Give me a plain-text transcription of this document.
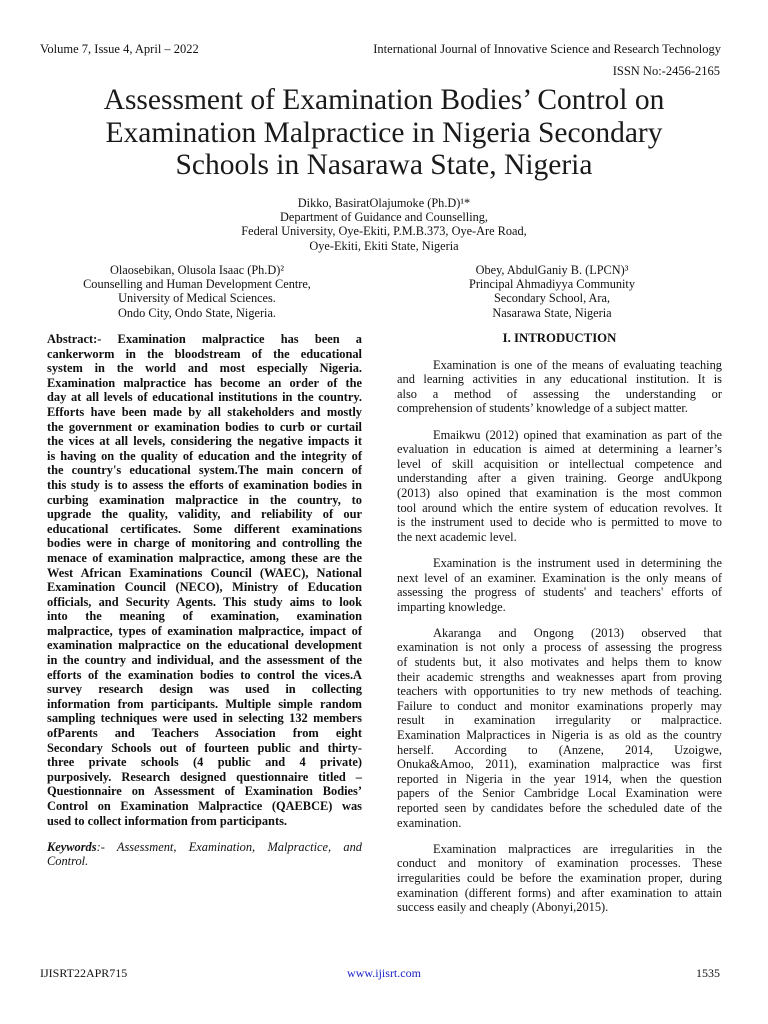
Volume 7, Issue 4, April – 2022	International Journal of Innovative Science and Research Technology
ISSN No:-2456-2165
Assessment of Examination Bodies’ Control on
Examination Malpractice in Nigeria Secondary
Schools in Nasarawa State, Nigeria
Dikko, BasiratOlajumoke (Ph.D)¹*
Department of Guidance and Counselling,
Federal University, Oye-Ekiti, P.M.B.373, Oye-Are Road,
Oye-Ekiti, Ekiti State, Nigeria
Olaosebikan, Olusola Isaac (Ph.D)²
Counselling and Human Development Centre,
University of Medical Sciences.
Ondo City, Ondo State, Nigeria.
Obey, AbdulGaniy B. (LPCN)³
Principal Ahmadiyya Community
Secondary School, Ara,
Nasarawa State, Nigeria
Abstract:- Examination malpractice has been a
cankerworm in the bloodstream of the educational
system in the world and most especially Nigeria.
Examination malpractice has become an order of the
day at all levels of educational institutions in the country.
Efforts have been made by all stakeholders and mostly
the government or examination bodies to curb or curtail
the vices at all levels, considering the negative impacts it
is having on the quality of education and the integrity of
the country's educational system.The main concern of
this study is to assess the efforts of examination bodies in
curbing examination malpractice in the country, to
upgrade the quality, validity, and reliability of our
educational certificates. Some different examinations
bodies were in charge of monitoring and controlling the
menace of examination malpractice, among these are the
West African Examinations Council (WAEC), National
Examination Council (NECO), Ministry of Education
officials, and Security Agents. This study aims to look
into the meaning of examination, examination
malpractice, types of examination malpractice, impact of
examination malpractice on the educational development
in the country and individual, and the assessment of the
efforts of the examination bodies to control the vices.A
survey research design was used in collecting
information from participants. Multiple simple random
sampling techniques were used in selecting 132 members
ofParents and Teachers Association from eight
Secondary Schools out of fourteen public and thirty-
three private schools (4 public and 4 private)
purposively. Research designed questionnaire titled –
Questionnaire on Assessment of Examination Bodies’
Control on Examination Malpractice (QAEBCE) was
used to collect information from participants.
Keywords:- Assessment, Examination, Malpractice, and
Control.
I. INTRODUCTION
Examination is one of the means of evaluating teaching
and learning activities in any educational institution. It is
also a method of assessing the understanding or
comprehension of students’ knowledge of a subject matter.
Emaikwu (2012) opined that examination as part of the
evaluation in education is aimed at determining a learner’s
level of skill acquisition or intellectual competence and
understanding after a given training. George andUkpong
(2013) also opined that examination is the most common
tool around which the entire system of education revolves. It
is the instrument used to decide who is permitted to move to
the next academic level.
Examination is the instrument used in determining the
next level of an examiner. Examination is the only means of
assessing the progress of students' and teachers' efforts of
imparting knowledge.
Akaranga and Ongong (2013) observed that
examination is not only a process of assessing the progress
of students but, it also motivates and helps them to know
their academic strengths and weaknesses apart from proving
teachers with opportunities to try new methods of teaching.
Failure to conduct and monitor examinations properly may
result in examination irregularity or malpractice.
Examination Malpractices in Nigeria is as old as the country
herself. According to (Anzene, 2014, Uzoigwe,
Onuka&Amoo, 2011), examination malpractice was first
reported in Nigeria in the year 1914, when the question
papers of the Senior Cambridge Local Examination were
reported seen by candidates before the scheduled date of the
examination.
Examination malpractices are irregularities in the
conduct and monitory of examination processes. These
irregularities could be before the examination proper, during
examination (different forms) and after examination to attain
success easily and cheaply (Abonyi,2015).
IJISRT22APR715	www.ijisrt.com	1535
